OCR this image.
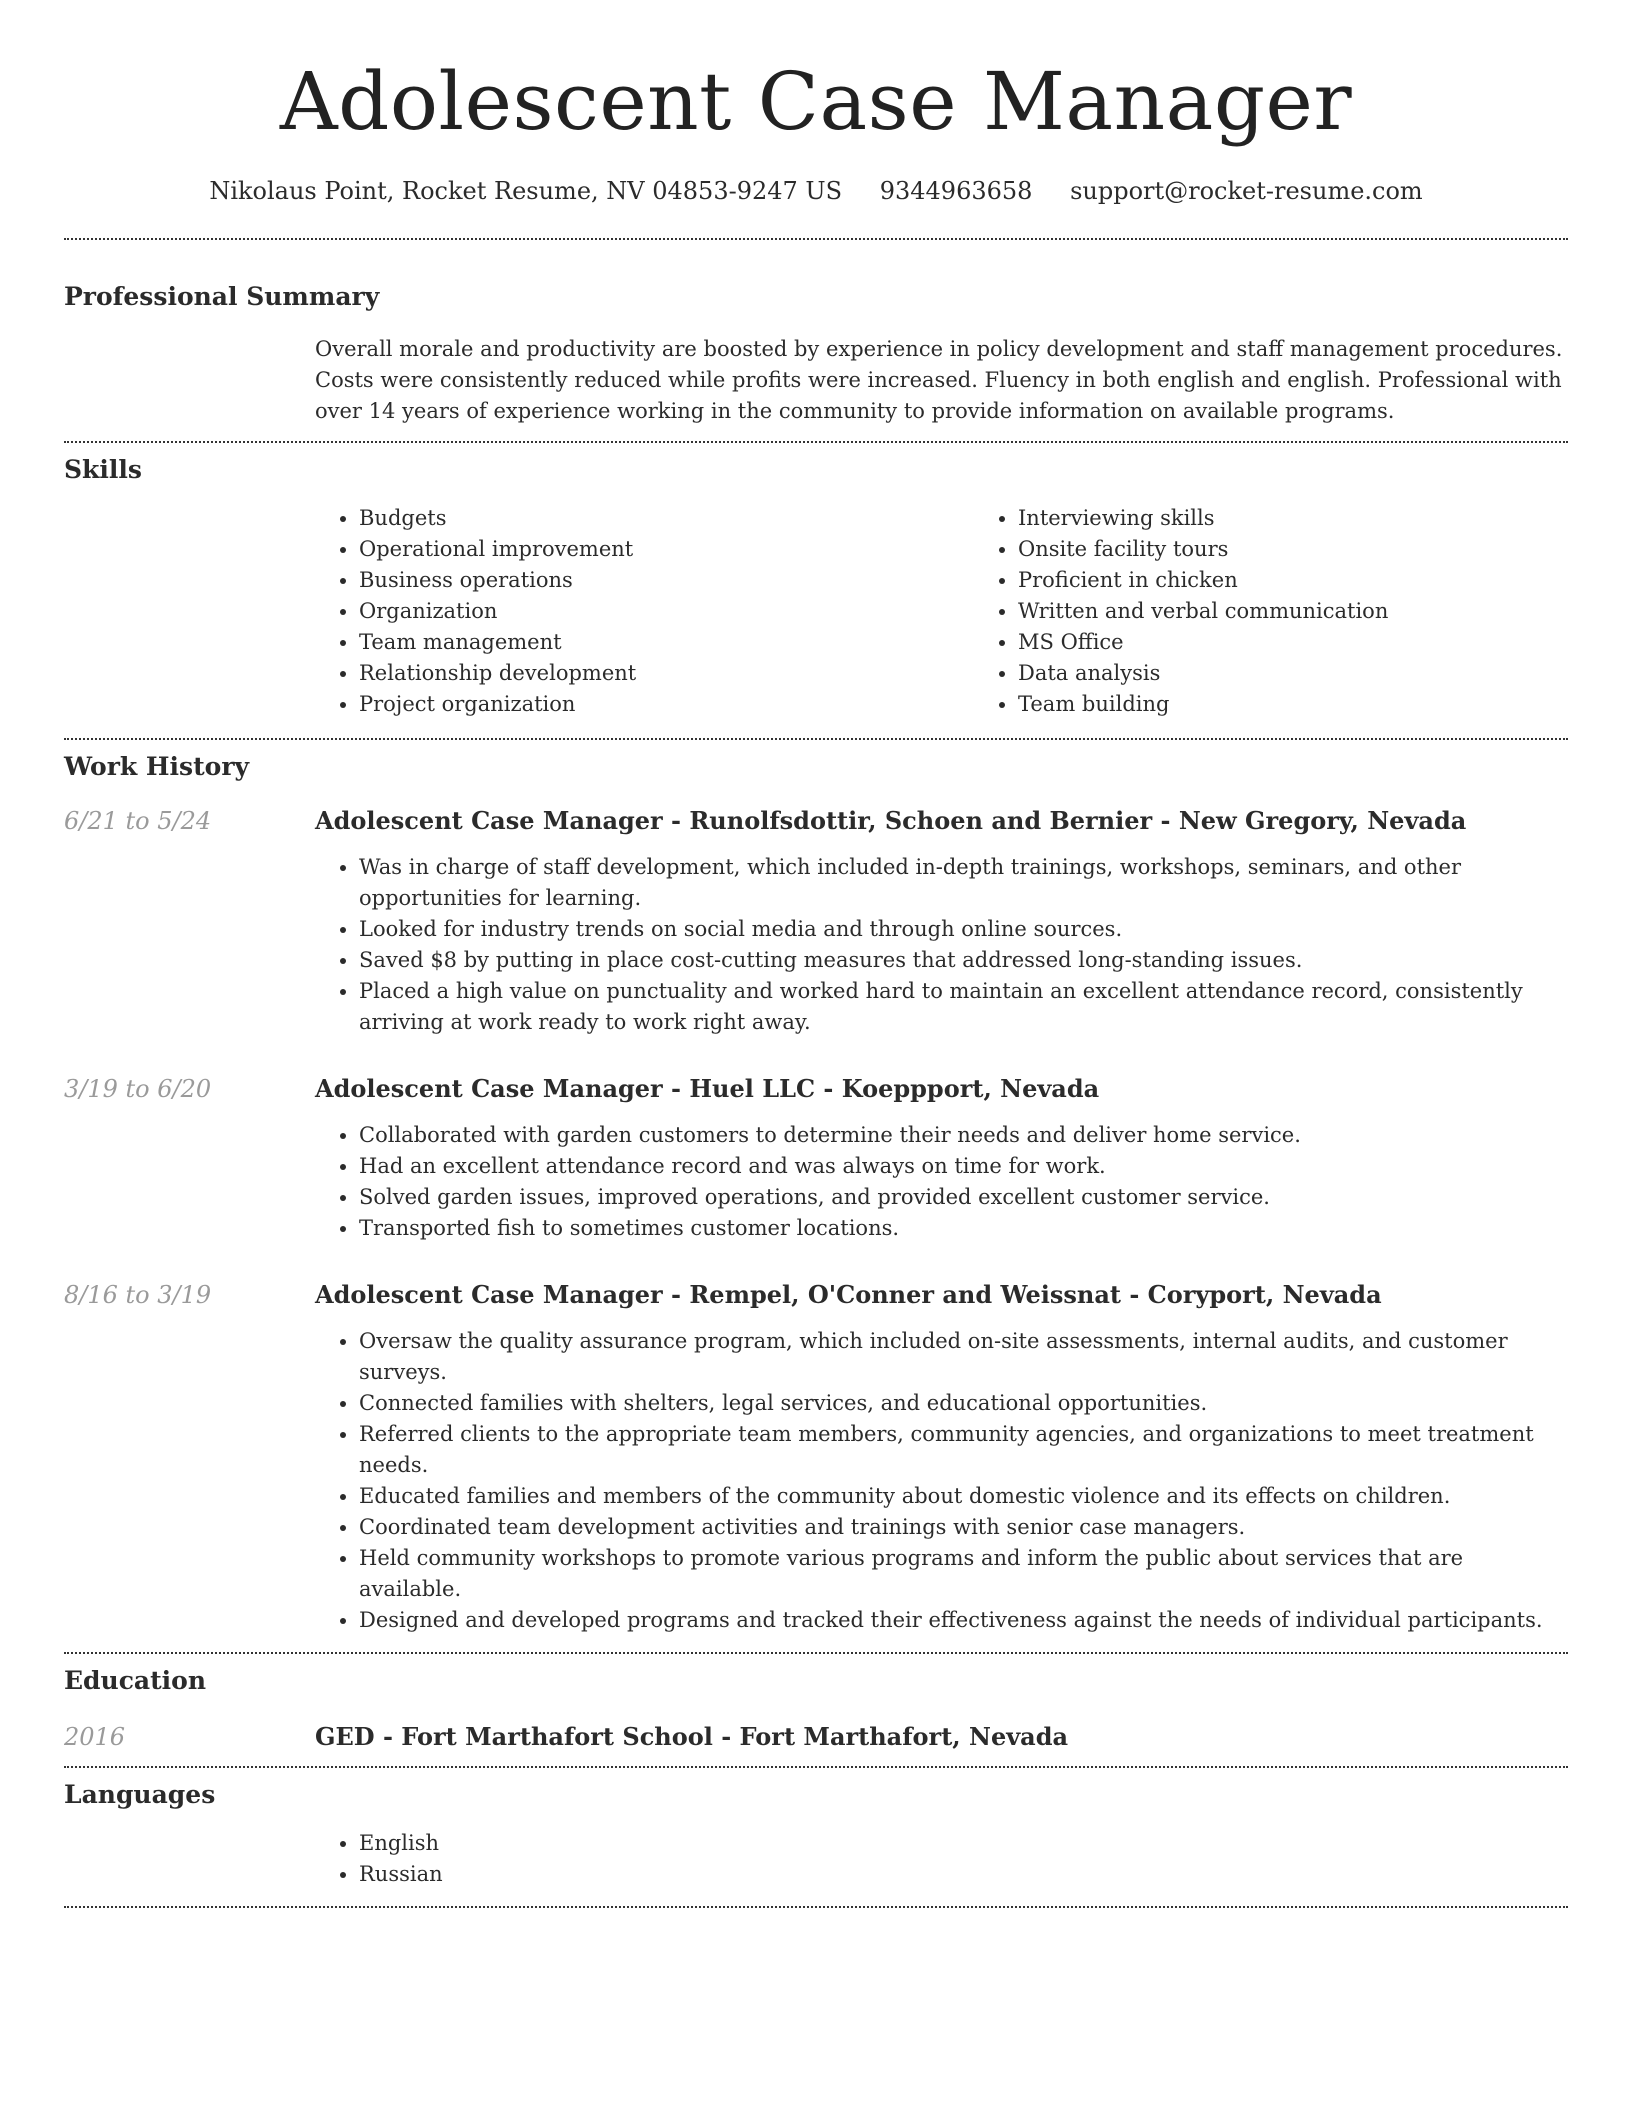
Adolescent Case Manager
Nikolaus Point, Rocket Resume, NV 04853-9247 US 9344963658 support@rocket-resume.com
Professional Summary

Overall morale and productivity are boosted by experience in policy development and staff management procedures. Costs were consistently reduced while profits were increased. Fluency in both english and english. Professional with over 14 years of experience working in the community to provide information on available programs.

Skills
• Budgets
• Operational improvement
• Business operations
• Organization
• Team management
• Relationship development
• Project organization
• Interviewing skills
• Onsite facility tours
• Proficient in chicken
• Written and verbal communication
• MS Office
• Data analysis
• Team building
Work History
6/21 to 5/24	Adolescent Case Manager - Runolfsdottir, Schoen and Bernier - New Gregory, Nevada
• Was in charge of staff development, which included in-depth trainings, workshops, seminars, and other opportunities for learning.
• Looked for industry trends on social media and through online sources.
• Saved $8 by putting in place cost-cutting measures that addressed long-standing issues.
• Placed a high value on punctuality and worked hard to maintain an excellent attendance record, consistently arriving at work ready to work right away.
3/19 to 6/20	Adolescent Case Manager - Huel LLC - Koeppport, Nevada
• Collaborated with garden customers to determine their needs and deliver home service.
• Had an excellent attendance record and was always on time for work.
• Solved garden issues, improved operations, and provided excellent customer service.
• Transported fish to sometimes customer locations.
8/16 to 3/19	Adolescent Case Manager - Rempel, O'Conner and Weissnat - Coryport, Nevada
• Oversaw the quality assurance program, which included on-site assessments, internal audits, and customer surveys.
• Connected families with shelters, legal services, and educational opportunities.
• Referred clients to the appropriate team members, community agencies, and organizations to meet treatment needs.
• Educated families and members of the community about domestic violence and its effects on children.
• Coordinated team development activities and trainings with senior case managers.
• Held community workshops to promote various programs and inform the public about services that are available.
• Designed and developed programs and tracked their effectiveness against the needs of individual participants.
Education
2016	GED - Fort Marthafort School - Fort Marthafort, Nevada
Languages
• English
• Russian
